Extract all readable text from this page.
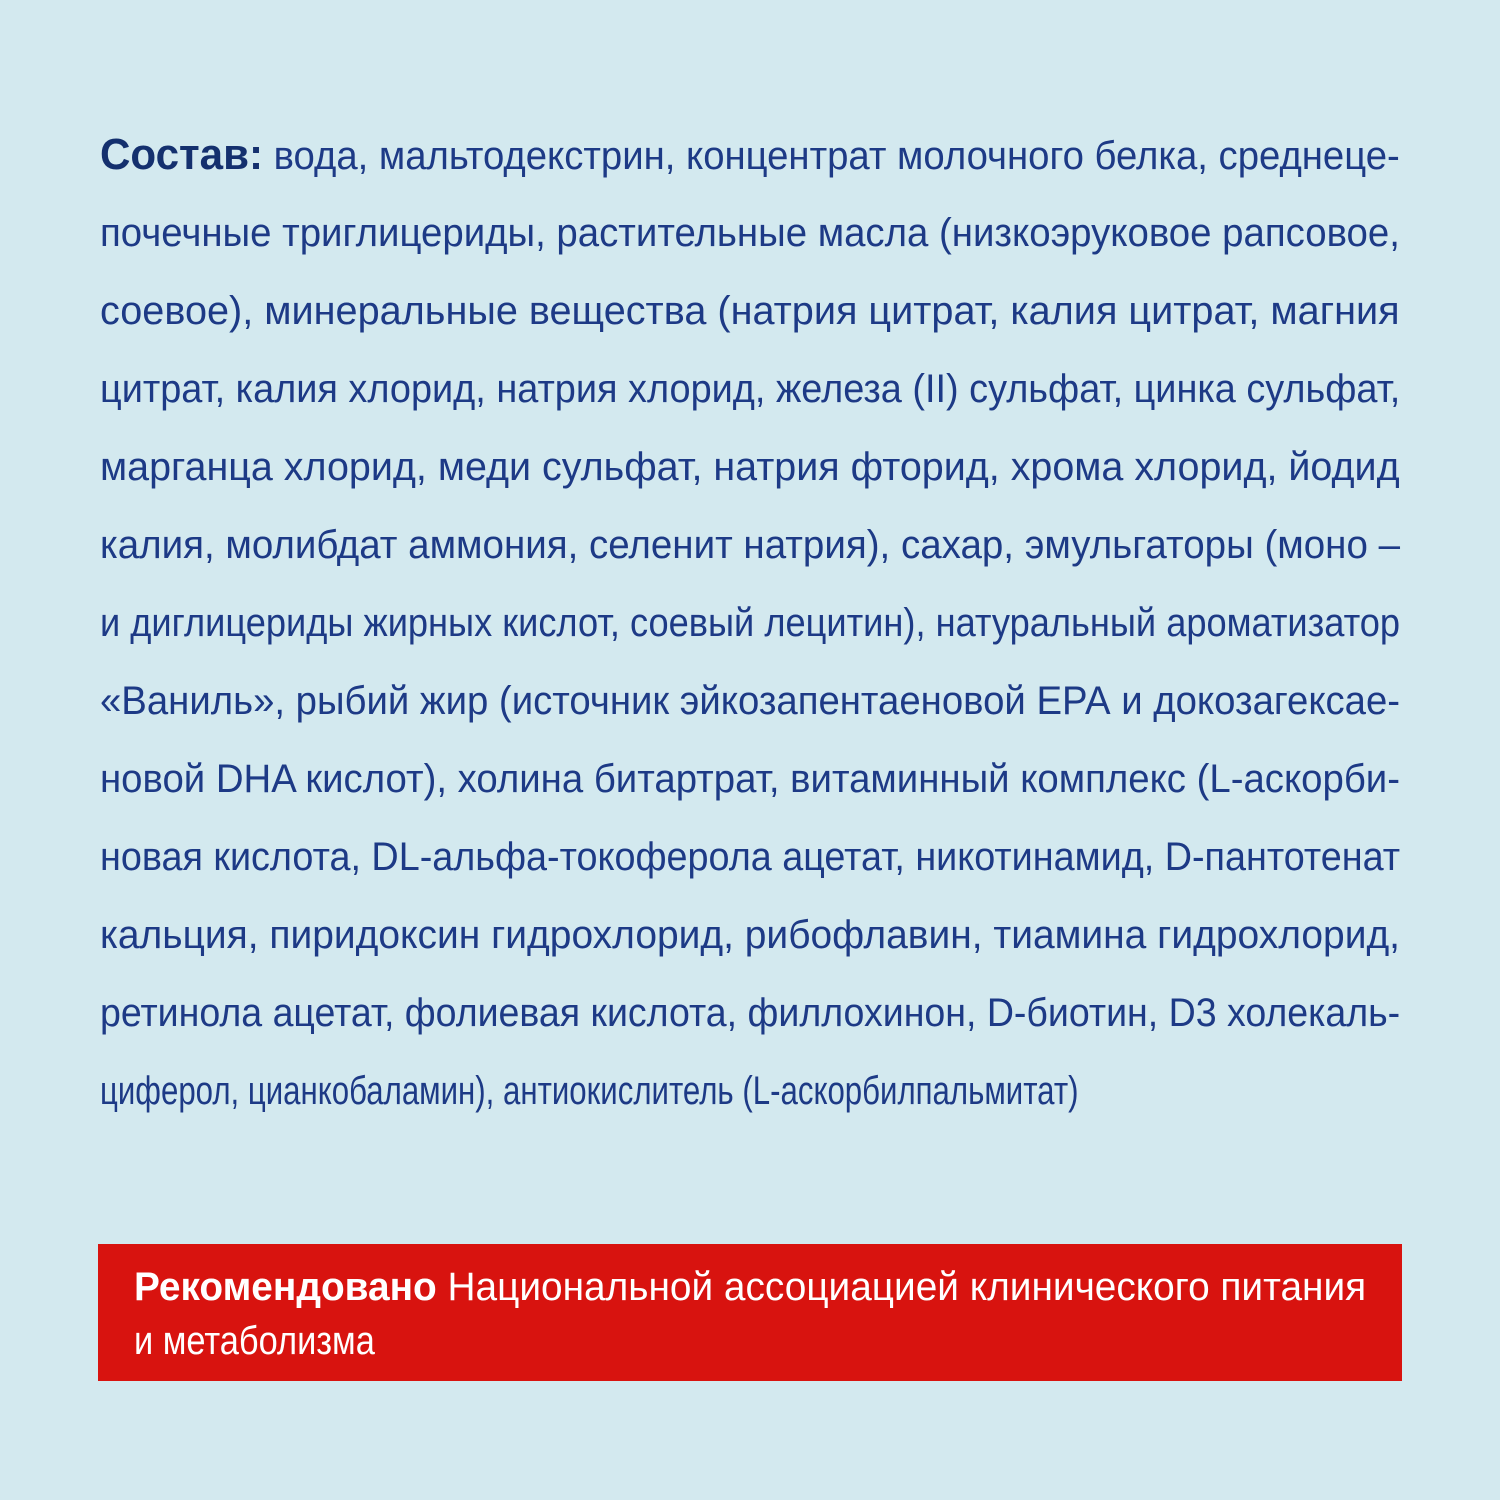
Состав: вода, мальтодекстрин, концентрат молочного белка, среднеце-
почечные триглицериды, растительные масла (низкоэруковое рапсовое,
соевое), минеральные вещества (натрия цитрат, калия цитрат, магния
цитрат, калия хлорид, натрия хлорид, железа (II) сульфат, цинка сульфат,
марганца хлорид, меди сульфат, натрия фторид, хрома хлорид, йодид
калия, молибдат аммония, селенит натрия), сахар, эмульгаторы (моно –
и диглицериды жирных кислот, соевый лецитин), натуральный ароматизатор
«Ваниль», рыбий жир (источник эйкозапентаеновой ЕРА и докозагексае-
новой DHA кислот), холина битартрат, витаминный комплекс (L-аскорби-
новая кислота, DL-альфа-токоферола ацетат, никотинамид, D-пантотенат
кальция, пиридоксин гидрохлорид, рибофлавин, тиамина гидрохлорид,
ретинола ацетат, фолиевая кислота, филлохинон, D-биотин, D3 холекаль-
циферол, цианкобаламин), антиокислитель (L-аскорбилпальмитат)
Рекомендовано Национальной ассоциацией клинического питания
и метаболизма
